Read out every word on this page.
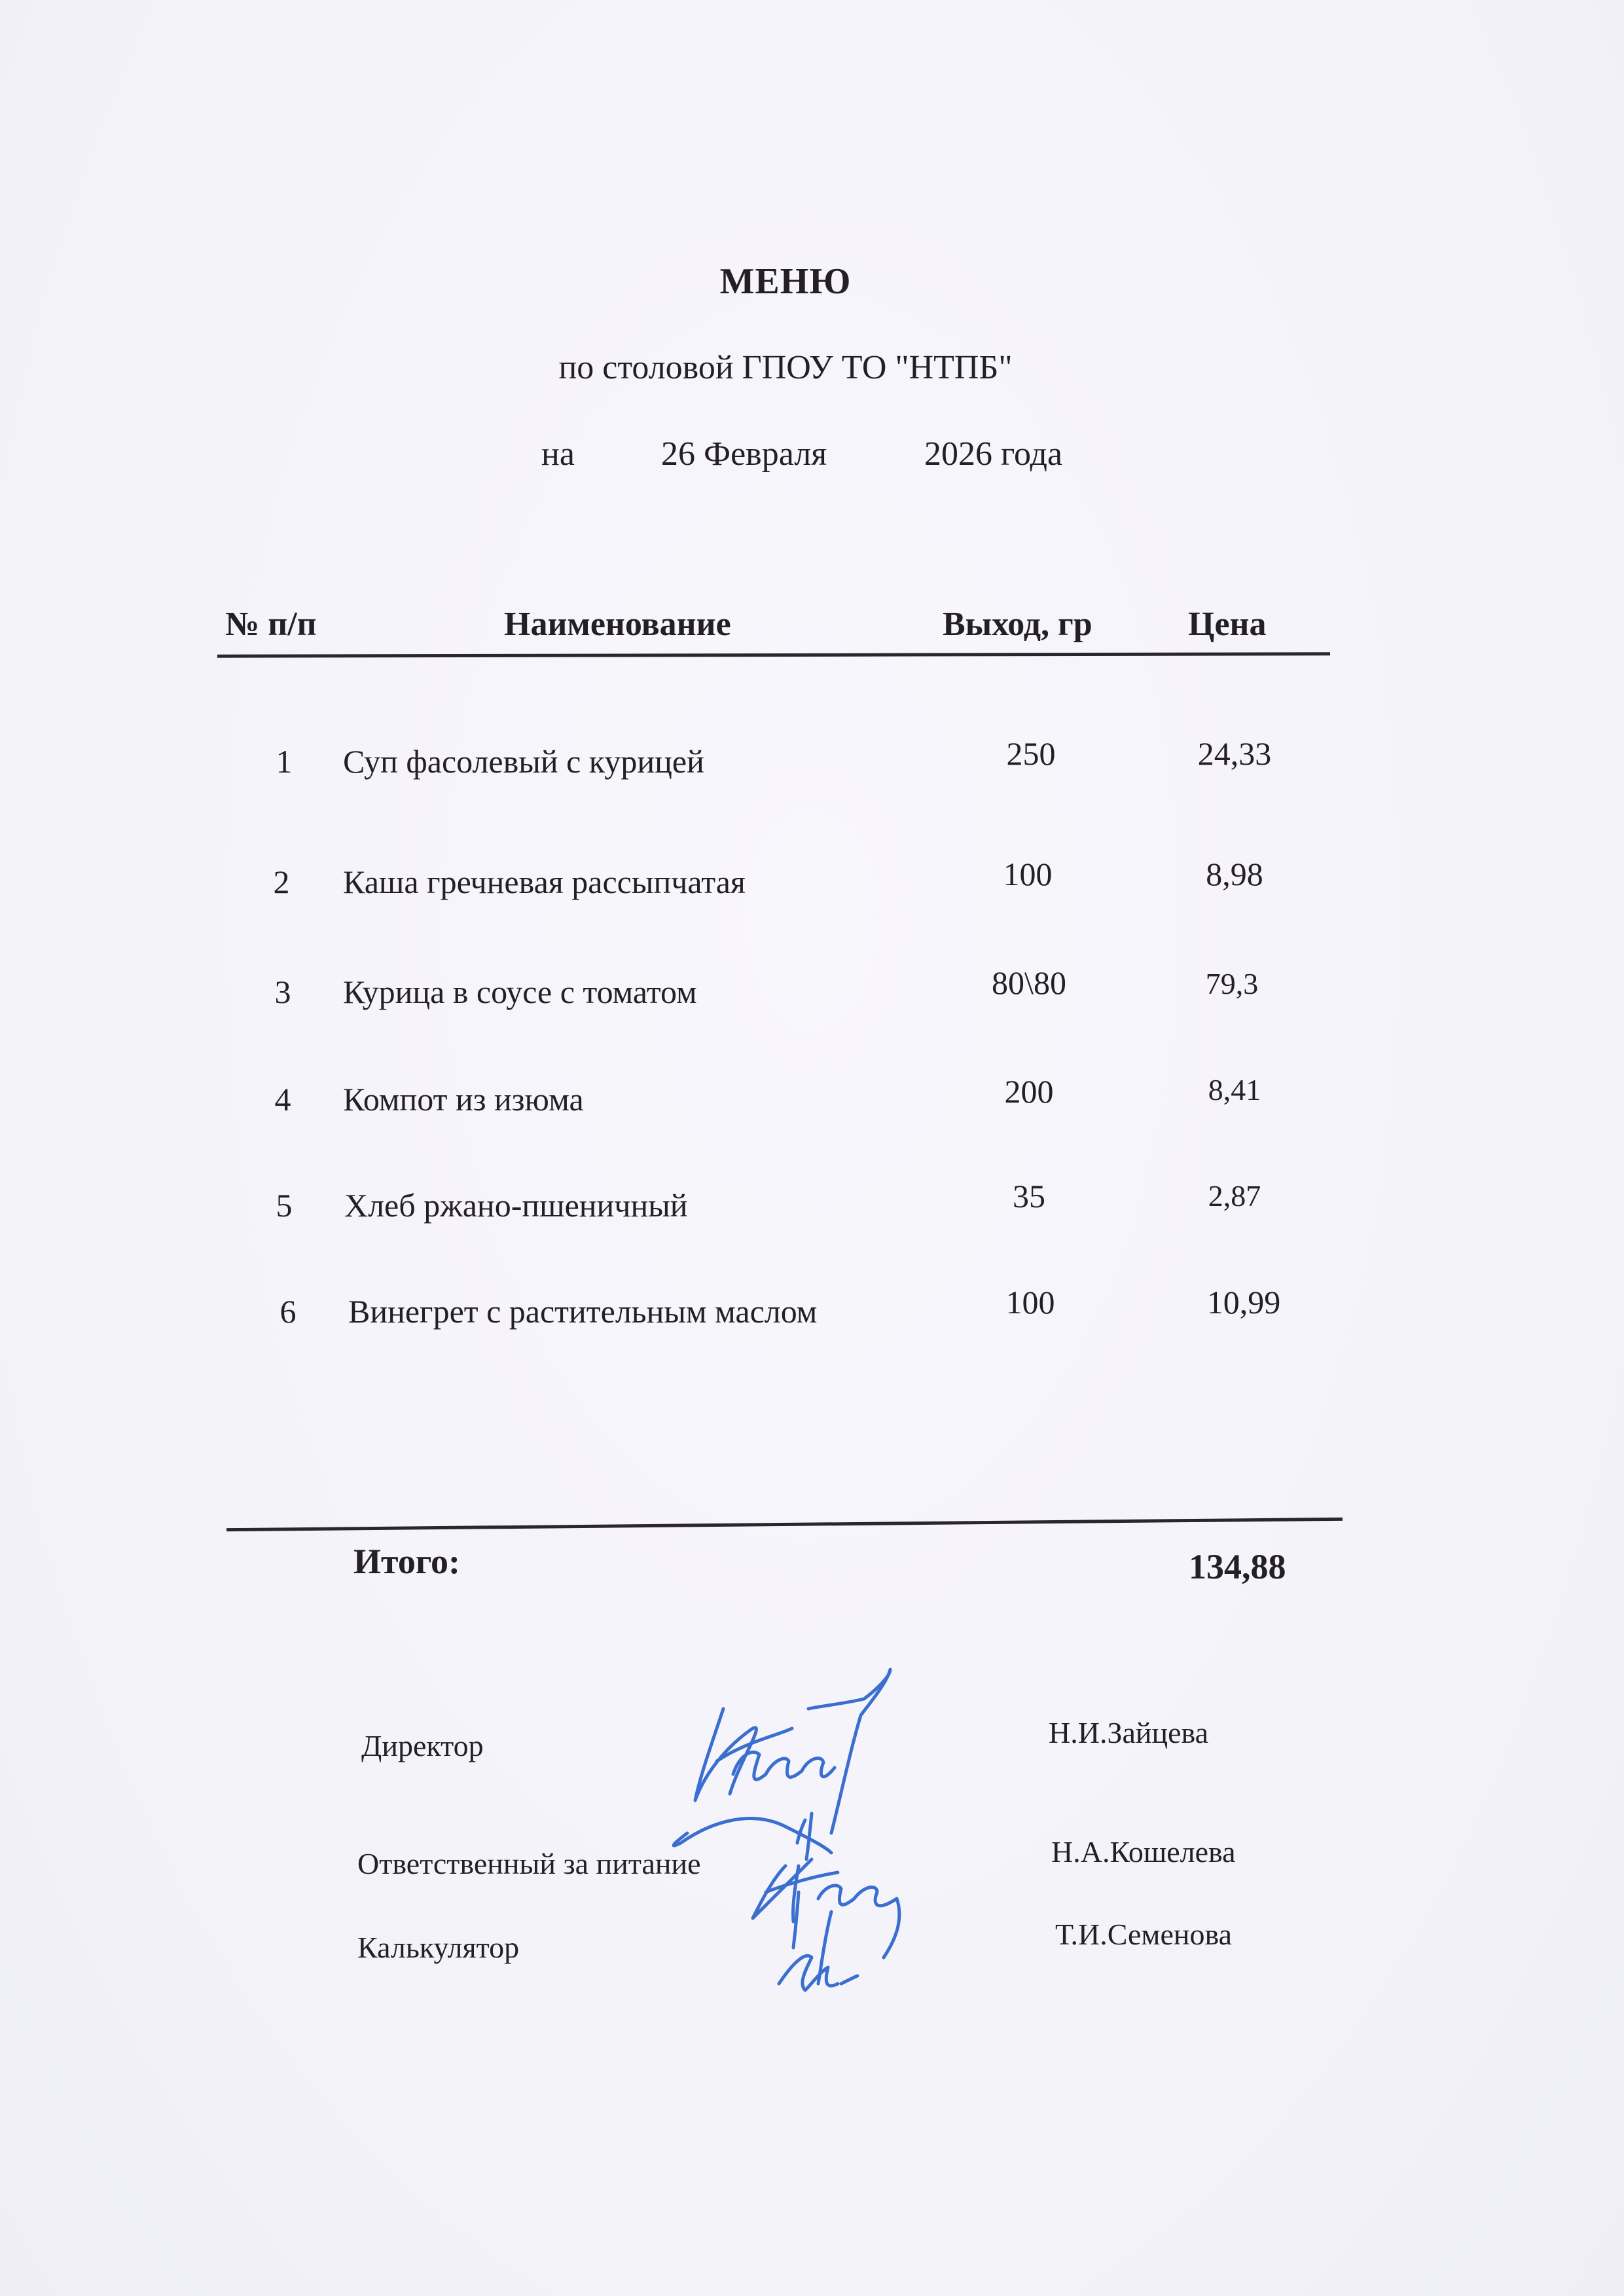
МЕНЮ
по столовой ГПОУ ТО "НТПБ"
на	26 Февраля	2026 года
№ п/п	Наименование	Выход, гр	Цена
1	Суп фасолевый с курицей	250	24,33
2	Каша гречневая рассыпчатая	100	8,98
3	Курица в соусе с томатом	80\80	79,3
4	Компот из изюма	200	8,41
5	Хлеб ржано-пшеничный	35	2,87
6	Винегрет с растительным маслом	100	10,99
Итого:	134,88
Директор	Н.И.Зайцева
Ответственный за питание	Н.А.Кошелева
Калькулятор	Т.И.Семенова
